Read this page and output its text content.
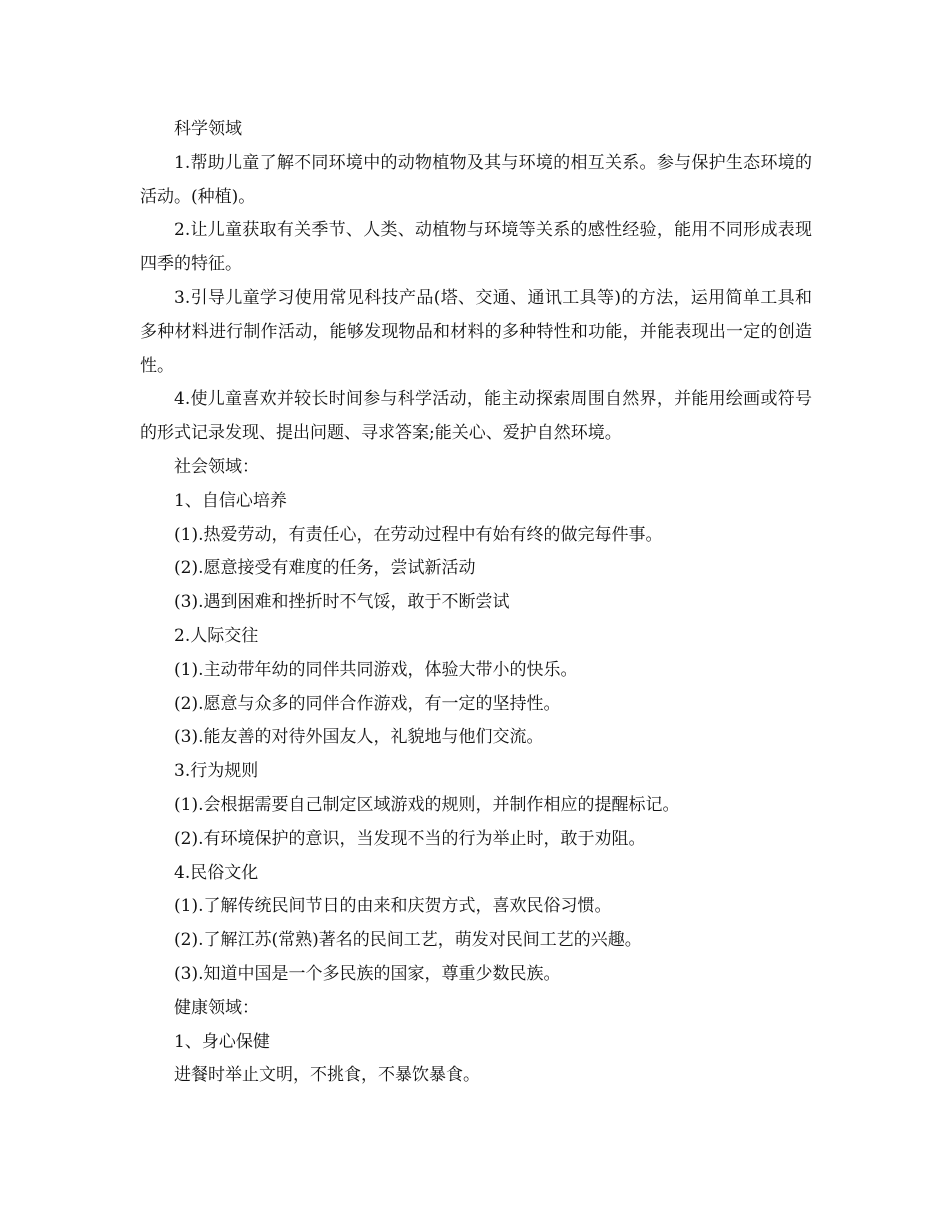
科学领域

1.帮助儿童了解不同环境中的动物植物及其与环境的相互关系。参与保护生态环境的活动。(种植)。

2.让儿童获取有关季节、人类、动植物与环境等关系的感性经验，能用不同形成表现四季的特征。

3.引导儿童学习使用常见科技产品(塔、交通、通讯工具等)的方法，运用简单工具和多种材料进行制作活动，能够发现物品和材料的多种特性和功能，并能表现出一定的创造性。

4.使儿童喜欢并较长时间参与科学活动，能主动探索周围自然界，并能用绘画或符号的形式记录发现、提出问题、寻求答案;能关心、爱护自然环境。

社会领域：

1、自信心培养

(1).热爱劳动，有责任心，在劳动过程中有始有终的做完每件事。

(2).愿意接受有难度的任务，尝试新活动

(3).遇到困难和挫折时不气馁，敢于不断尝试

2.人际交往

(1).主动带年幼的同伴共同游戏，体验大带小的快乐。

(2).愿意与众多的同伴合作游戏，有一定的坚持性。

(3).能友善的对待外国友人，礼貌地与他们交流。

3.行为规则

(1).会根据需要自己制定区域游戏的规则，并制作相应的提醒标记。

(2).有环境保护的意识，当发现不当的行为举止时，敢于劝阻。

4.民俗文化

(1).了解传统民间节日的由来和庆贺方式，喜欢民俗习惯。

(2).了解江苏(常熟)著名的民间工艺，萌发对民间工艺的兴趣。

(3).知道中国是一个多民族的国家，尊重少数民族。

健康领域：

1、身心保健

进餐时举止文明，不挑食，不暴饮暴食。
